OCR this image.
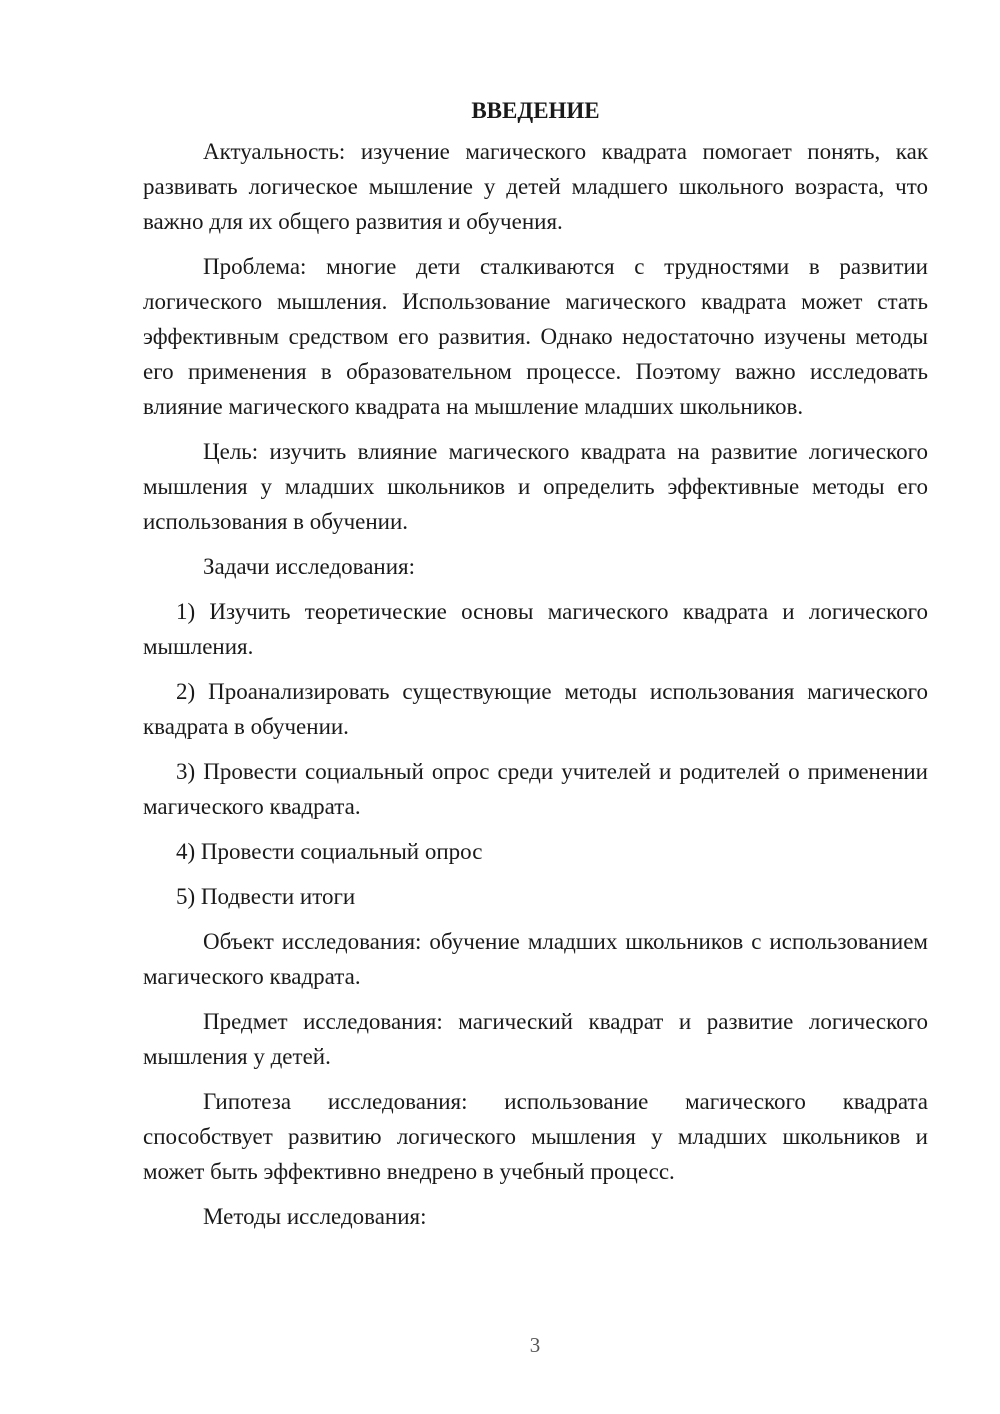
ВВЕДЕНИЕ

Актуальность: изучение магического квадрата помогает понять, как развивать логическое мышление у детей младшего школьного возраста, что важно для их общего развития и обучения.

Проблема: многие дети сталкиваются с трудностями в развитии логического мышления. Использование магического квадрата может стать эффективным средством его развития. Однако недостаточно изучены методы его применения в образовательном процессе. Поэтому важно исследовать влияние магического квадрата на мышление младших школьников.

Цель: изучить влияние магического квадрата на развитие логического мышления у младших школьников и определить эффективные методы его использования в обучении.

Задачи исследования:

1) Изучить теоретические основы магического квадрата и логического мышления.

2) Проанализировать существующие методы использования магического квадрата в обучении.

3) Провести социальный опрос среди учителей и родителей о применении магического квадрата.

4) Провести социальный опрос

5) Подвести итоги

Объект исследования: обучение младших школьников с использованием магического квадрата.

Предмет исследования: магический квадрат и развитие логического мышления у детей.

Гипотеза исследования: использование магического квадрата способствует развитию логического мышления у младших школьников и может быть эффективно внедрено в учебный процесс.

Методы исследования:

3
